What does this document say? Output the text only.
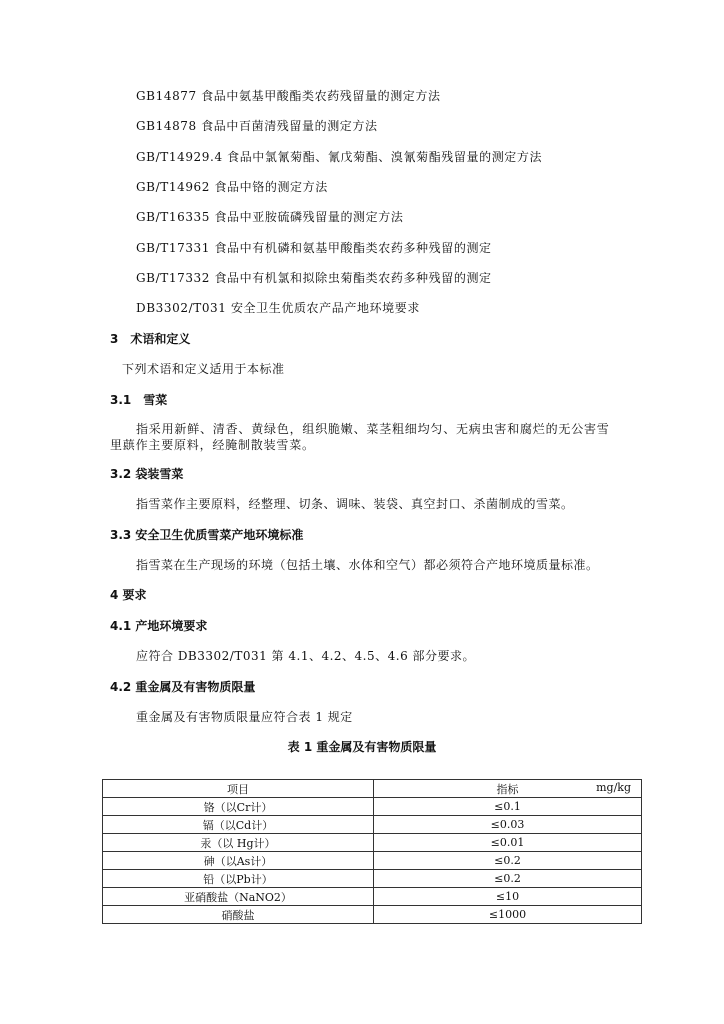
GB14877 食品中氨基甲酸酯类农药残留量的测定方法
GB14878 食品中百菌清残留量的测定方法
GB/T14929.4 食品中氯氰菊酯、氰戊菊酯、溴氰菊酯残留量的测定方法
GB/T14962 食品中铬的测定方法
GB/T16335 食品中亚胺硫磷残留量的测定方法
GB/T17331 食品中有机磷和氨基甲酸酯类农药多种残留的测定
GB/T17332 食品中有机氯和拟除虫菊酯类农药多种残留的测定
DB3302/T031 安全卫生优质农产品产地环境要求
3　术语和定义
下列术语和定义适用于本标准
3.1　雪菜
指采用新鲜、清香、黄绿色，组织脆嫩、菜茎粗细均匀、无病虫害和腐烂的无公害雪里蕻作主要原料，经腌制散装雪菜。
3.2 袋装雪菜
指雪菜作主要原料，经整理、切条、调味、装袋、真空封口、杀菌制成的雪菜。
3.3 安全卫生优质雪菜产地环境标准
指雪菜在生产现场的环境（包括土壤、水体和空气）都必须符合产地环境质量标准。
4 要求
4.1 产地环境要求
应符合 DB3302/T031 第 4.1、4.2、4.5、4.6 部分要求。
4.2 重金属及有害物质限量
重金属及有害物质限量应符合表 1 规定
表 1 重金属及有害物质限量
项目	指标 mg/kg

铬（以Cr计）	≤0.1
镉（以Cd计）	≤0.03
汞（以 Hg计）	≤0.01
砷（以As计）	≤0.2
铅（以Pb计）	≤0.2
亚硝酸盐（NaNO2）	≤10
硝酸盐	≤1000
